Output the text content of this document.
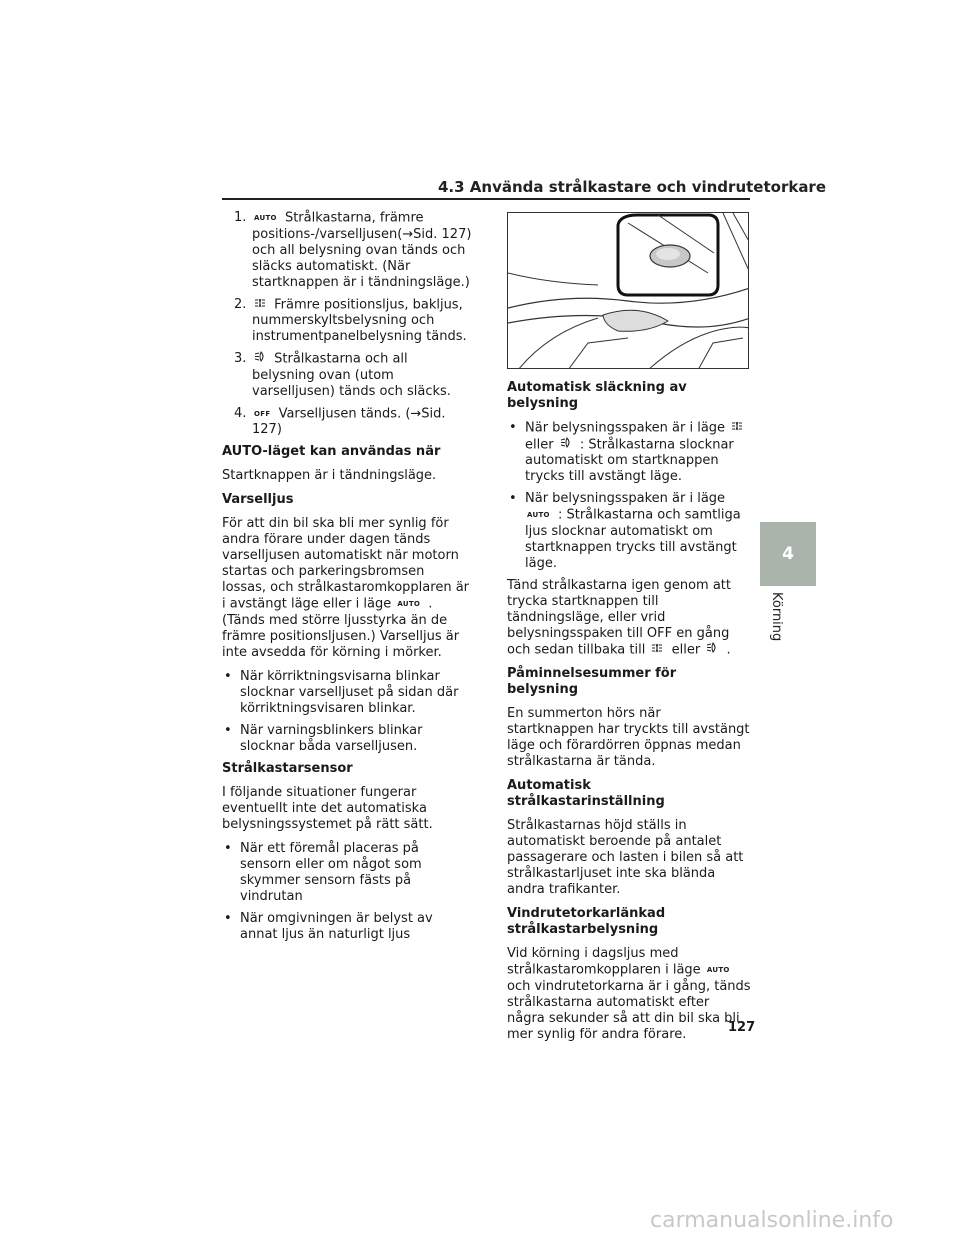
4.3 Använda strålkastare och vindrutetorkare
1.	AUTO Strålkastarna, främre positions-/varselljusen(→Sid. 127) och all belysning ovan tänds och släcks automatiskt. (När startknappen är i tändningsläge.)
2.	Främre positionsljus, bakljus, nummerskyltsbelysning och instrumentpanelbelysning tänds.
3.	Strålkastarna och all belysning ovan (utom varselljusen) tänds och släcks.
4.	OFF Varselljusen tänds. (→Sid. 127)
AUTO-läget kan användas när

Startknappen är i tändningsläge.

Varselljus

För att din bil ska bli mer synlig för andra förare under dagen tänds varselljusen automatiskt när motorn startas och parkeringsbromsen lossas, och strålkastaromkopplaren är i avstängt läge eller i läge AUTO . (Tänds med större ljusstyrka än de främre positionsljusen.) Varselljus är inte avsedda för körning i mörker.

• När körriktningsvisarna blinkar slocknar varselljuset på sidan där körriktningsvisaren blinkar.
• När varningsblinkers blinkar slocknar båda varselljusen.
Strålkastarsensor

I följande situationer fungerar eventuellt inte det automatiska belysningssystemet på rätt sätt.

• När ett föremål placeras på sensorn eller om något som skymmer sensorn fästs på vindrutan
• När omgivningen är belyst av annat ljus än naturligt ljus
Automatisk släckning av belysning
• När belysningsspaken är i läge  eller : Strålkastarna slocknar automatiskt om startknappen trycks till avstängt läge.
• När belysningsspaken är i läge AUTO : Strålkastarna och samtliga ljus slocknar automatiskt om startknappen trycks till avstängt läge.

Tänd strålkastarna igen genom att trycka startknappen till tändningsläge, eller vrid belysningsspaken till OFF en gång och sedan tillbaka till eller .

Påminnelsesummer för belysning

En summerton hörs när startknappen har tryckts till avstängt läge och förardörren öppnas medan strålkastarna är tända.

Automatisk strålkastarinställning

Strålkastarnas höjd ställs in automatiskt beroende på antalet passagerare och lasten i bilen så att strålkastarljuset inte ska blända andra trafikanter.

Vindrutetorkarlänkad strålkastarbelysning

Vid körning i dagsljus med strålkastaromkopplaren i läge AUTO och vindrutetorkarna är i gång, tänds strålkastarna automatiskt efter några sekunder så att din bil ska bli mer synlig för andra förare.

4
Körning
127
carmanualsonline.info
